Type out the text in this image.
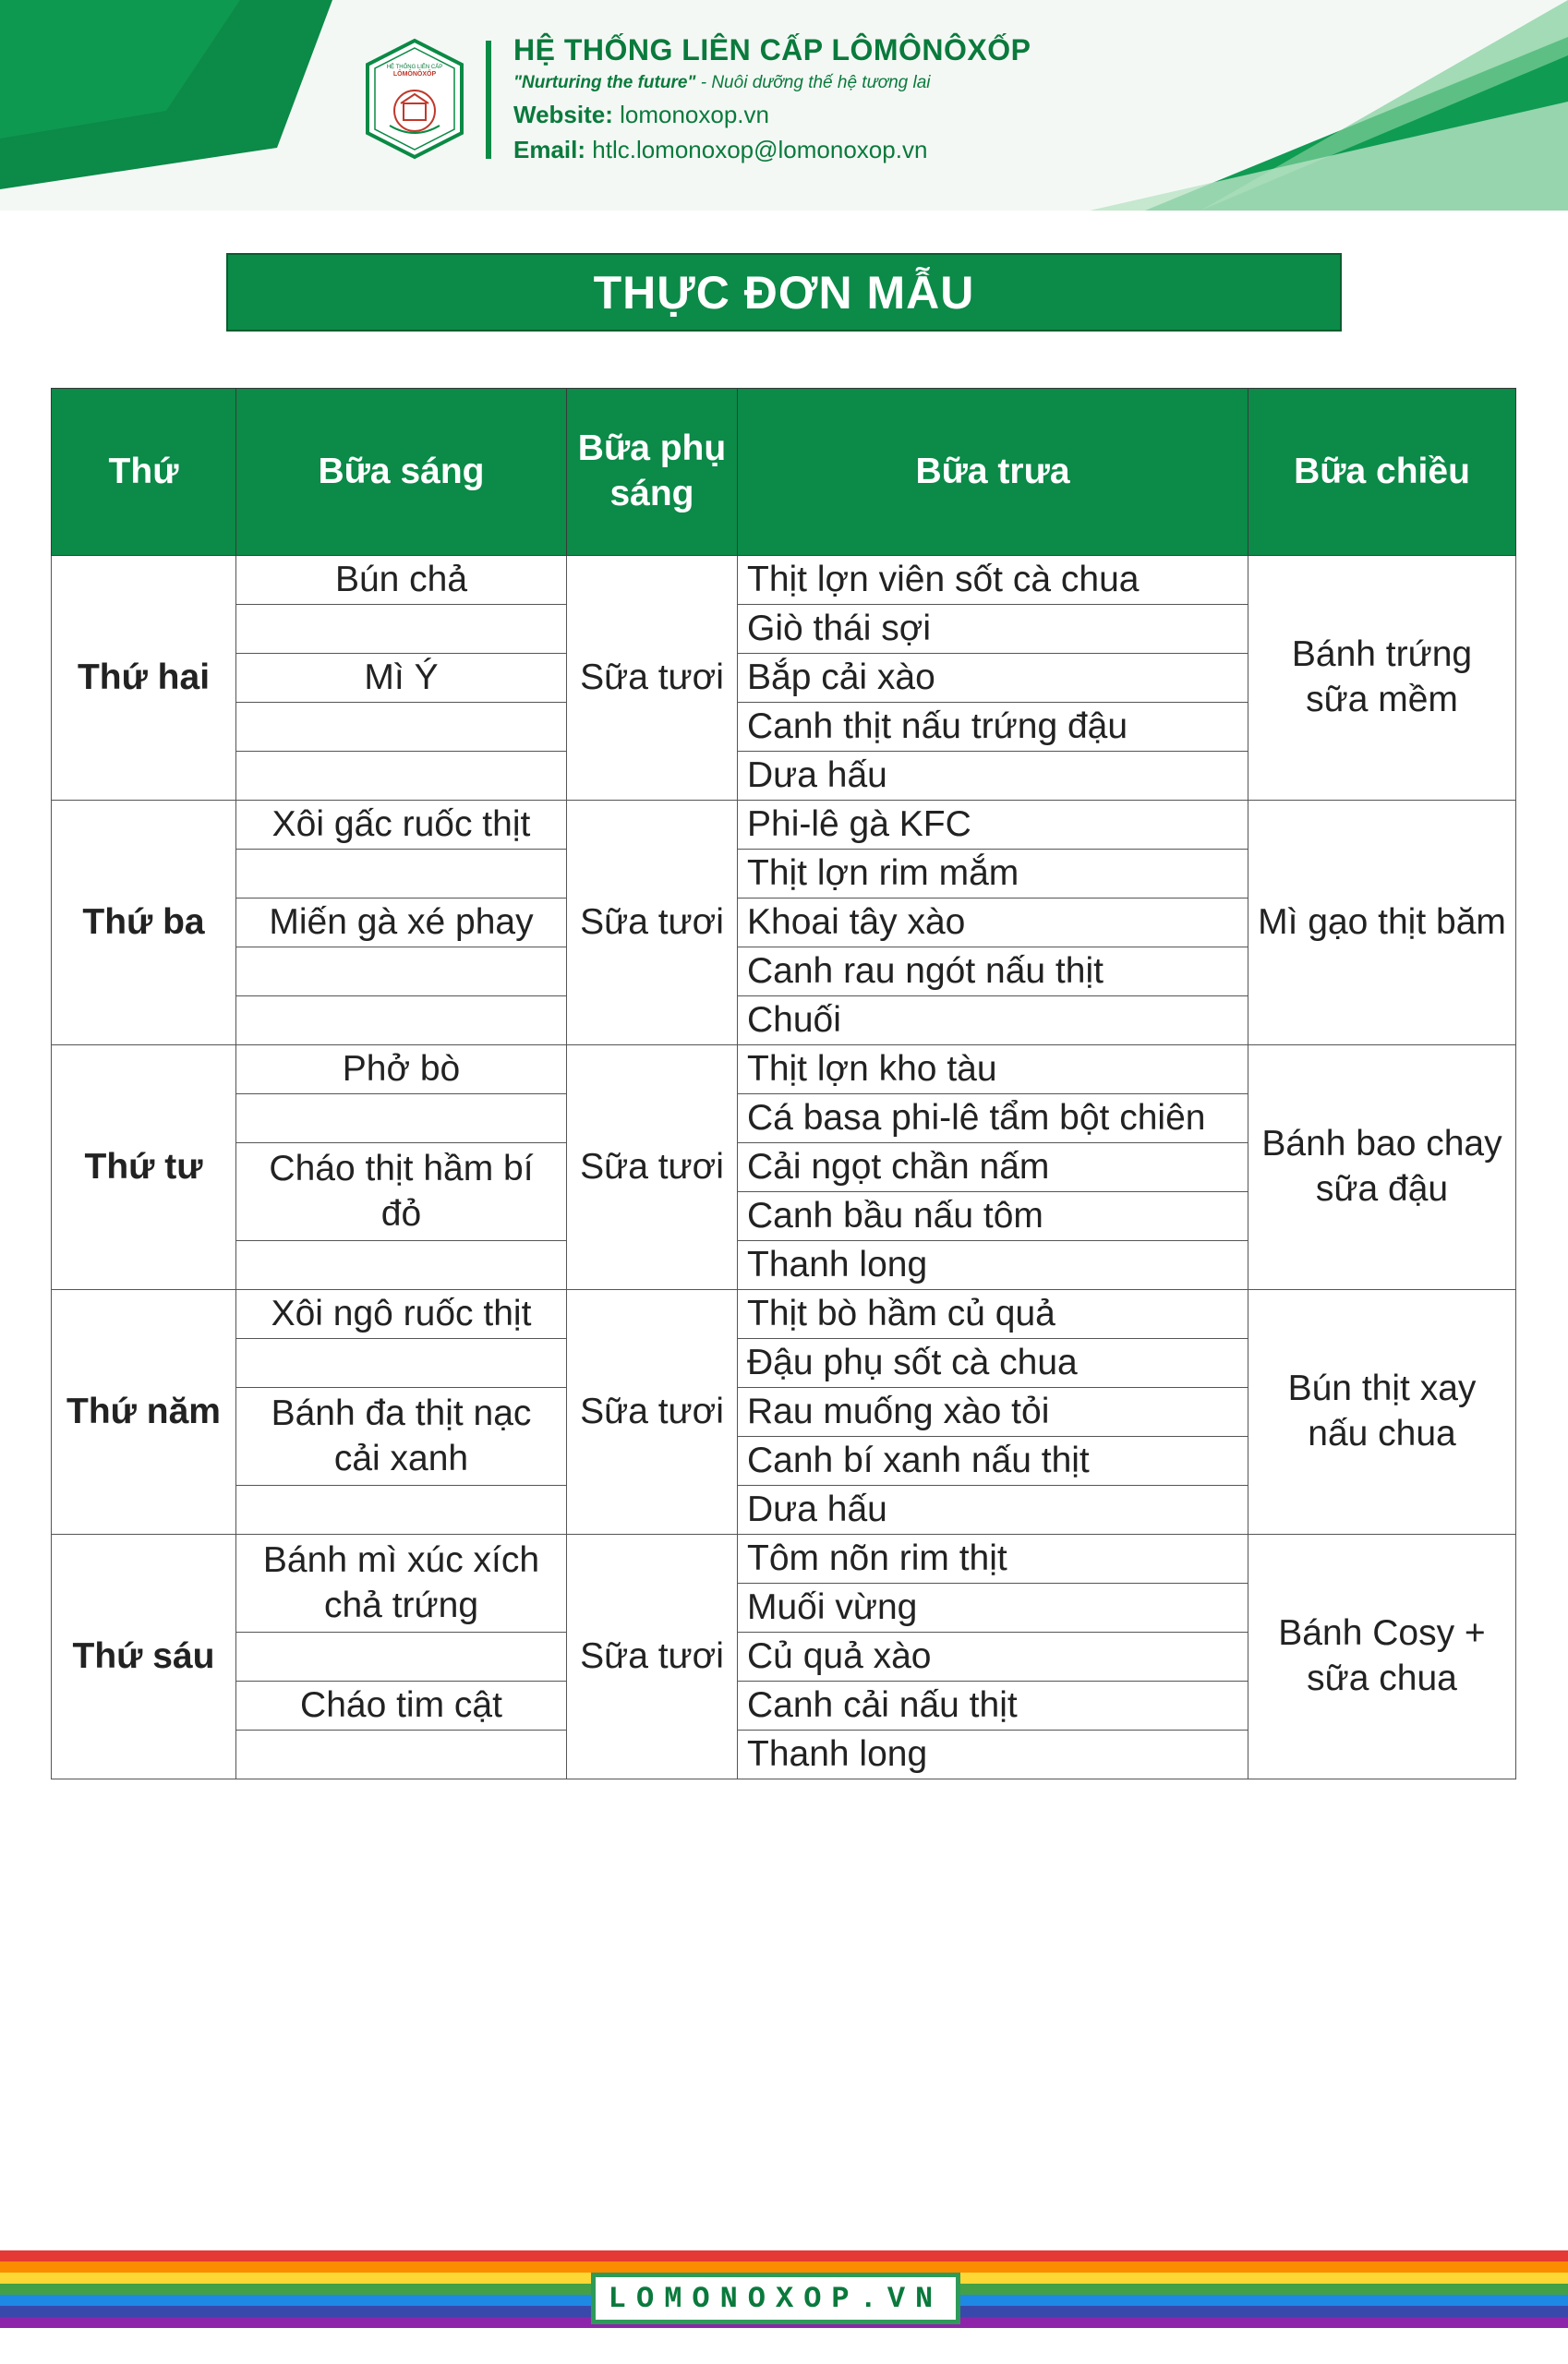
HỆ THỐNG LIÊN CẤP
LÔMÔNÔXỐP
HỆ THỐNG LIÊN CẤP LÔMÔNÔXỐP
"Nurturing the future" - Nuôi dưỡng thế hệ tương lai
Website: lomonoxop.vn
Email: htlc.lomonoxop@lomonoxop.vn
THỰC ĐƠN MẪU
Thứ	Bữa sáng	Bữa phụ sáng	Bữa trưa	Bữa chiều
Thứ hai	Bún chả	Sữa tươi	Thịt lợn viên sốt cà chua	Bánh trứng sữa mềm
			Giò thái sợi	
	Mì Ý		Bắp cải xào	
			Canh thịt nấu trứng đậu	
			Dưa hấu	
Thứ ba	Xôi gấc ruốc thịt	Sữa tươi	Phi-lê gà KFC	Mì gạo thịt băm
			Thịt lợn rim mắm	
	Miến gà xé phay		Khoai tây xào	
			Canh rau ngót nấu thịt	
			Chuối	
Thứ tư	Phở bò	Sữa tươi	Thịt lợn kho tàu	Bánh bao chay sữa đậu
			Cá basa phi-lê tẩm bột chiên	
	Cháo thịt hầm bí đỏ		Cải ngọt chần nấm	
			Canh bầu nấu tôm	
			Thanh long	
Thứ năm	Xôi ngô ruốc thịt	Sữa tươi	Thịt bò hầm củ quả	Bún thịt xay nấu chua
			Đậu phụ sốt cà chua	
	Bánh đa thịt nạc cải xanh		Rau muống xào tỏi	
			Canh bí xanh nấu thịt	
			Dưa hấu	
Thứ sáu	Bánh mì xúc xích chả trứng	Sữa tươi	Tôm nõn rim thịt	Bánh Cosy + sữa chua
			Muối vừng	
			Củ quả xào	
	Cháo tim cật		Canh cải nấu thịt	
			Thanh long	
LOMONOXOP.VN
